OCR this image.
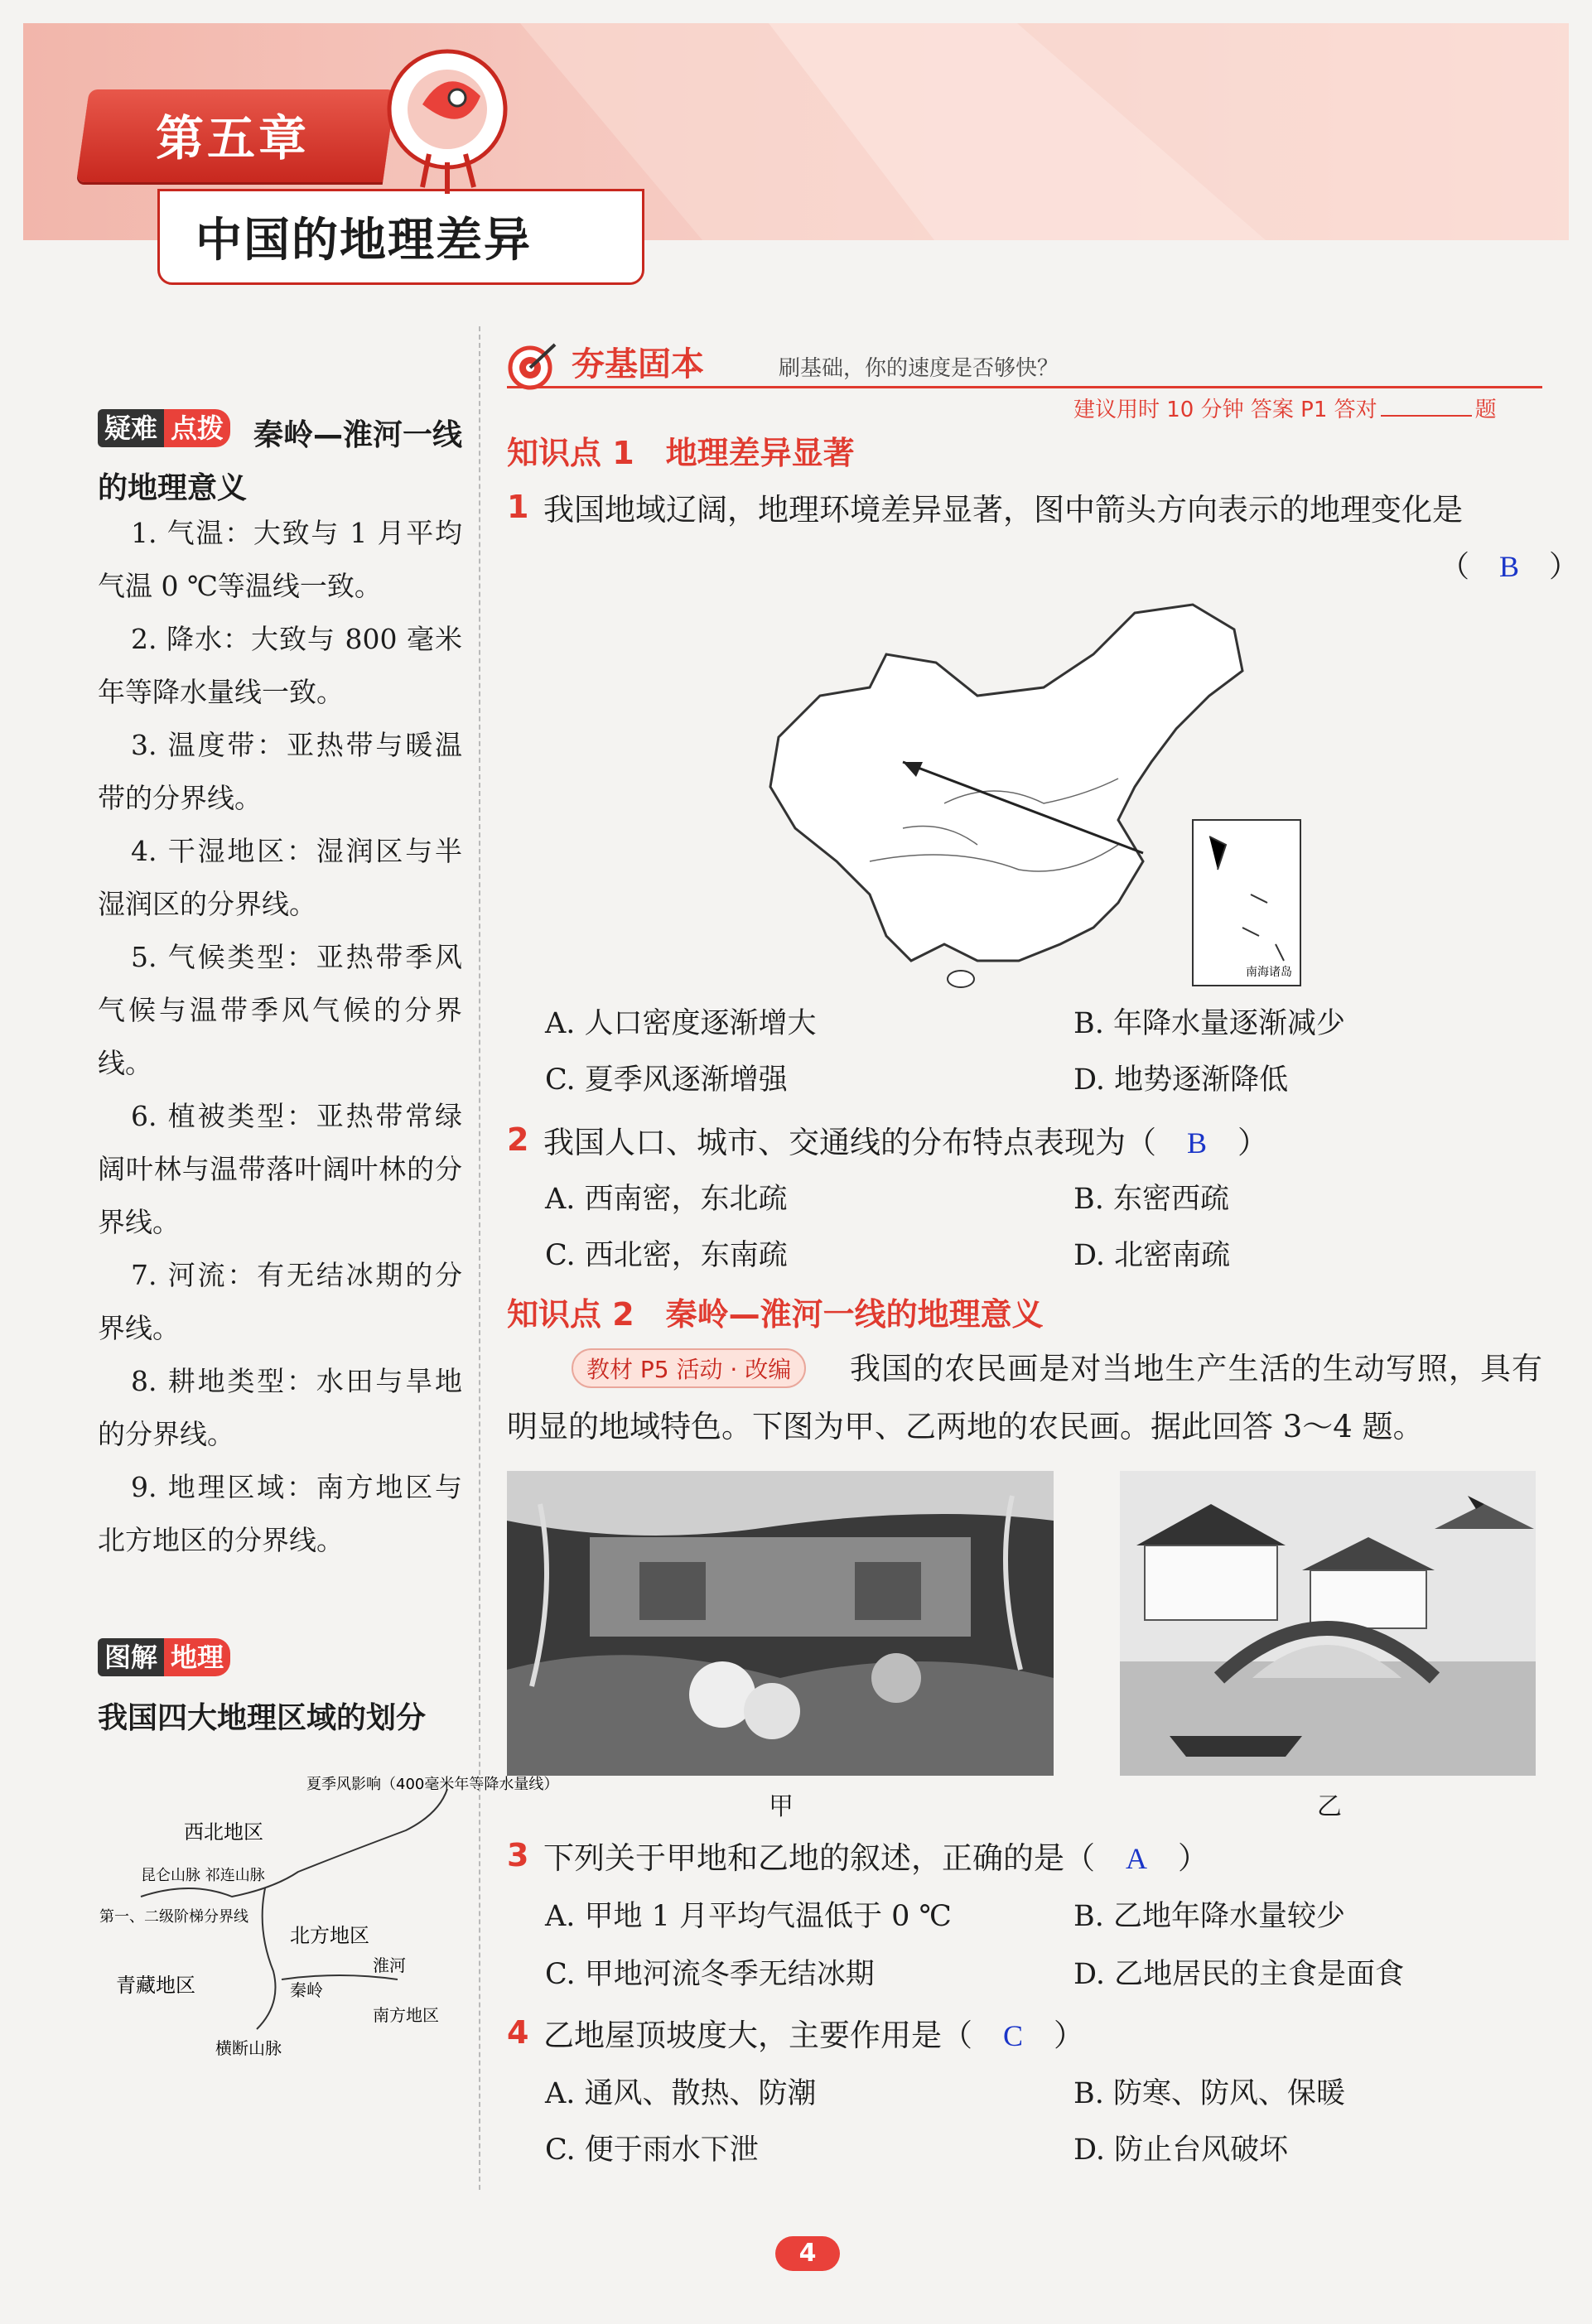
第五章
中国的地理差异
疑难 点拨 秦岭—淮河一线的地理意义

1. 气温：大致与 1 月平均气温 0 ℃等温线一致。

2. 降水：大致与 800 毫米年等降水量线一致。

3. 温度带：亚热带与暖温带的分界线。

4. 干湿地区：湿润区与半湿润区的分界线。

5. 气候类型：亚热带季风气候与温带季风气候的分界线。

6. 植被类型：亚热带常绿阔叶林与温带落叶阔叶林的分界线。

7. 河流：有无结冰期的分界线。

8. 耕地类型：水田与旱地的分界线。

9. 地理区域：南方地区与北方地区的分界线。

图解 地理
我国四大地理区域的划分
西北地区
北方地区
青藏地区
南方地区
夏季风影响（400毫米年等降水量线）
第一、二级阶梯分界线
昆仑山脉 祁连山脉
横断山脉
秦岭
淮河
夯基固本	刷基础，你的速度是否够快？
建议用时 10 分钟 答案 P1 答对	题
知识点 1　地理差异显著
1 我国地域辽阔，地理环境差异显著，图中箭头方向表示的地理变化是
（　B　）
南海诸岛
A. 人口密度逐渐增大	B. 年降水量逐渐减少
C. 夏季风逐渐增强	D. 地势逐渐降低
2 我国人口、城市、交通线的分布特点表现为（　 B　 ）
A. 西南密，东北疏	B. 东密西疏
C. 西北密，东南疏	D. 北密南疏
知识点 2　秦岭—淮河一线的地理意义
我国的农民画是对当地生产生活的生动写照，具有明显的地域特色。下图为甲、乙两地的农民画。据此回答 3～4 题。
教材 P5 活动 · 改编
甲	乙
3 下列关于甲地和乙地的叙述，正确的是（　 A　 ）
A. 甲地 1 月平均气温低于 0 ℃	B. 乙地年降水量较少
C. 甲地河流冬季无结冰期	D. 乙地居民的主食是面食
4 乙地屋顶坡度大，主要作用是（　 C　 ）
A. 通风、散热、防潮	B. 防寒、防风、保暖
C. 便于雨水下泄	D. 防止台风破坏
4
